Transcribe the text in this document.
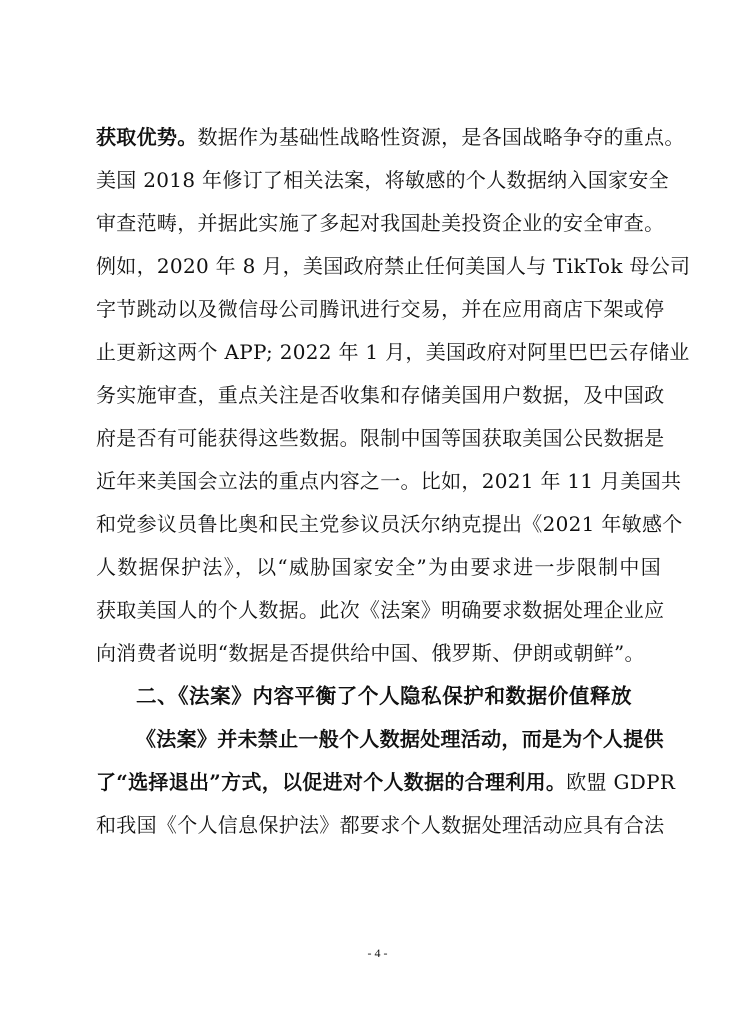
获取优势。数据作为基础性战略性资源，是各国战略争夺的重点。
美国 2018 年修订了相关法案，将敏感的个人数据纳入国家安全
审查范畴，并据此实施了多起对我国赴美投资企业的安全审查。
例如，2020 年 8 月，美国政府禁止任何美国人与 TikTok 母公司
字节跳动以及微信母公司腾讯进行交易，并在应用商店下架或停
止更新这两个 APP; 2022 年 1 月，美国政府对阿里巴巴云存储业
务实施审查，重点关注是否收集和存储美国用户数据，及中国政
府是否有可能获得这些数据。限制中国等国获取美国公民数据是
近年来美国会立法的重点内容之一。比如，2021 年 11 月美国共
和党参议员鲁比奥和民主党参议员沃尔纳克提出《2021 年敏感个
人数据保护法》，以“威胁国家安全”为由要求进一步限制中国
获取美国人的个人数据。此次《法案》明确要求数据处理企业应
向消费者说明“数据是否提供给中国、俄罗斯、伊朗或朝鲜”。
二、《法案》内容平衡了个人隐私保护和数据价值释放
《法案》并未禁止一般个人数据处理活动，而是为个人提供
了“选择退出”方式，以促进对个人数据的合理利用。欧盟 GDPR
和我国《个人信息保护法》都要求个人数据处理活动应具有合法
- 4 -
